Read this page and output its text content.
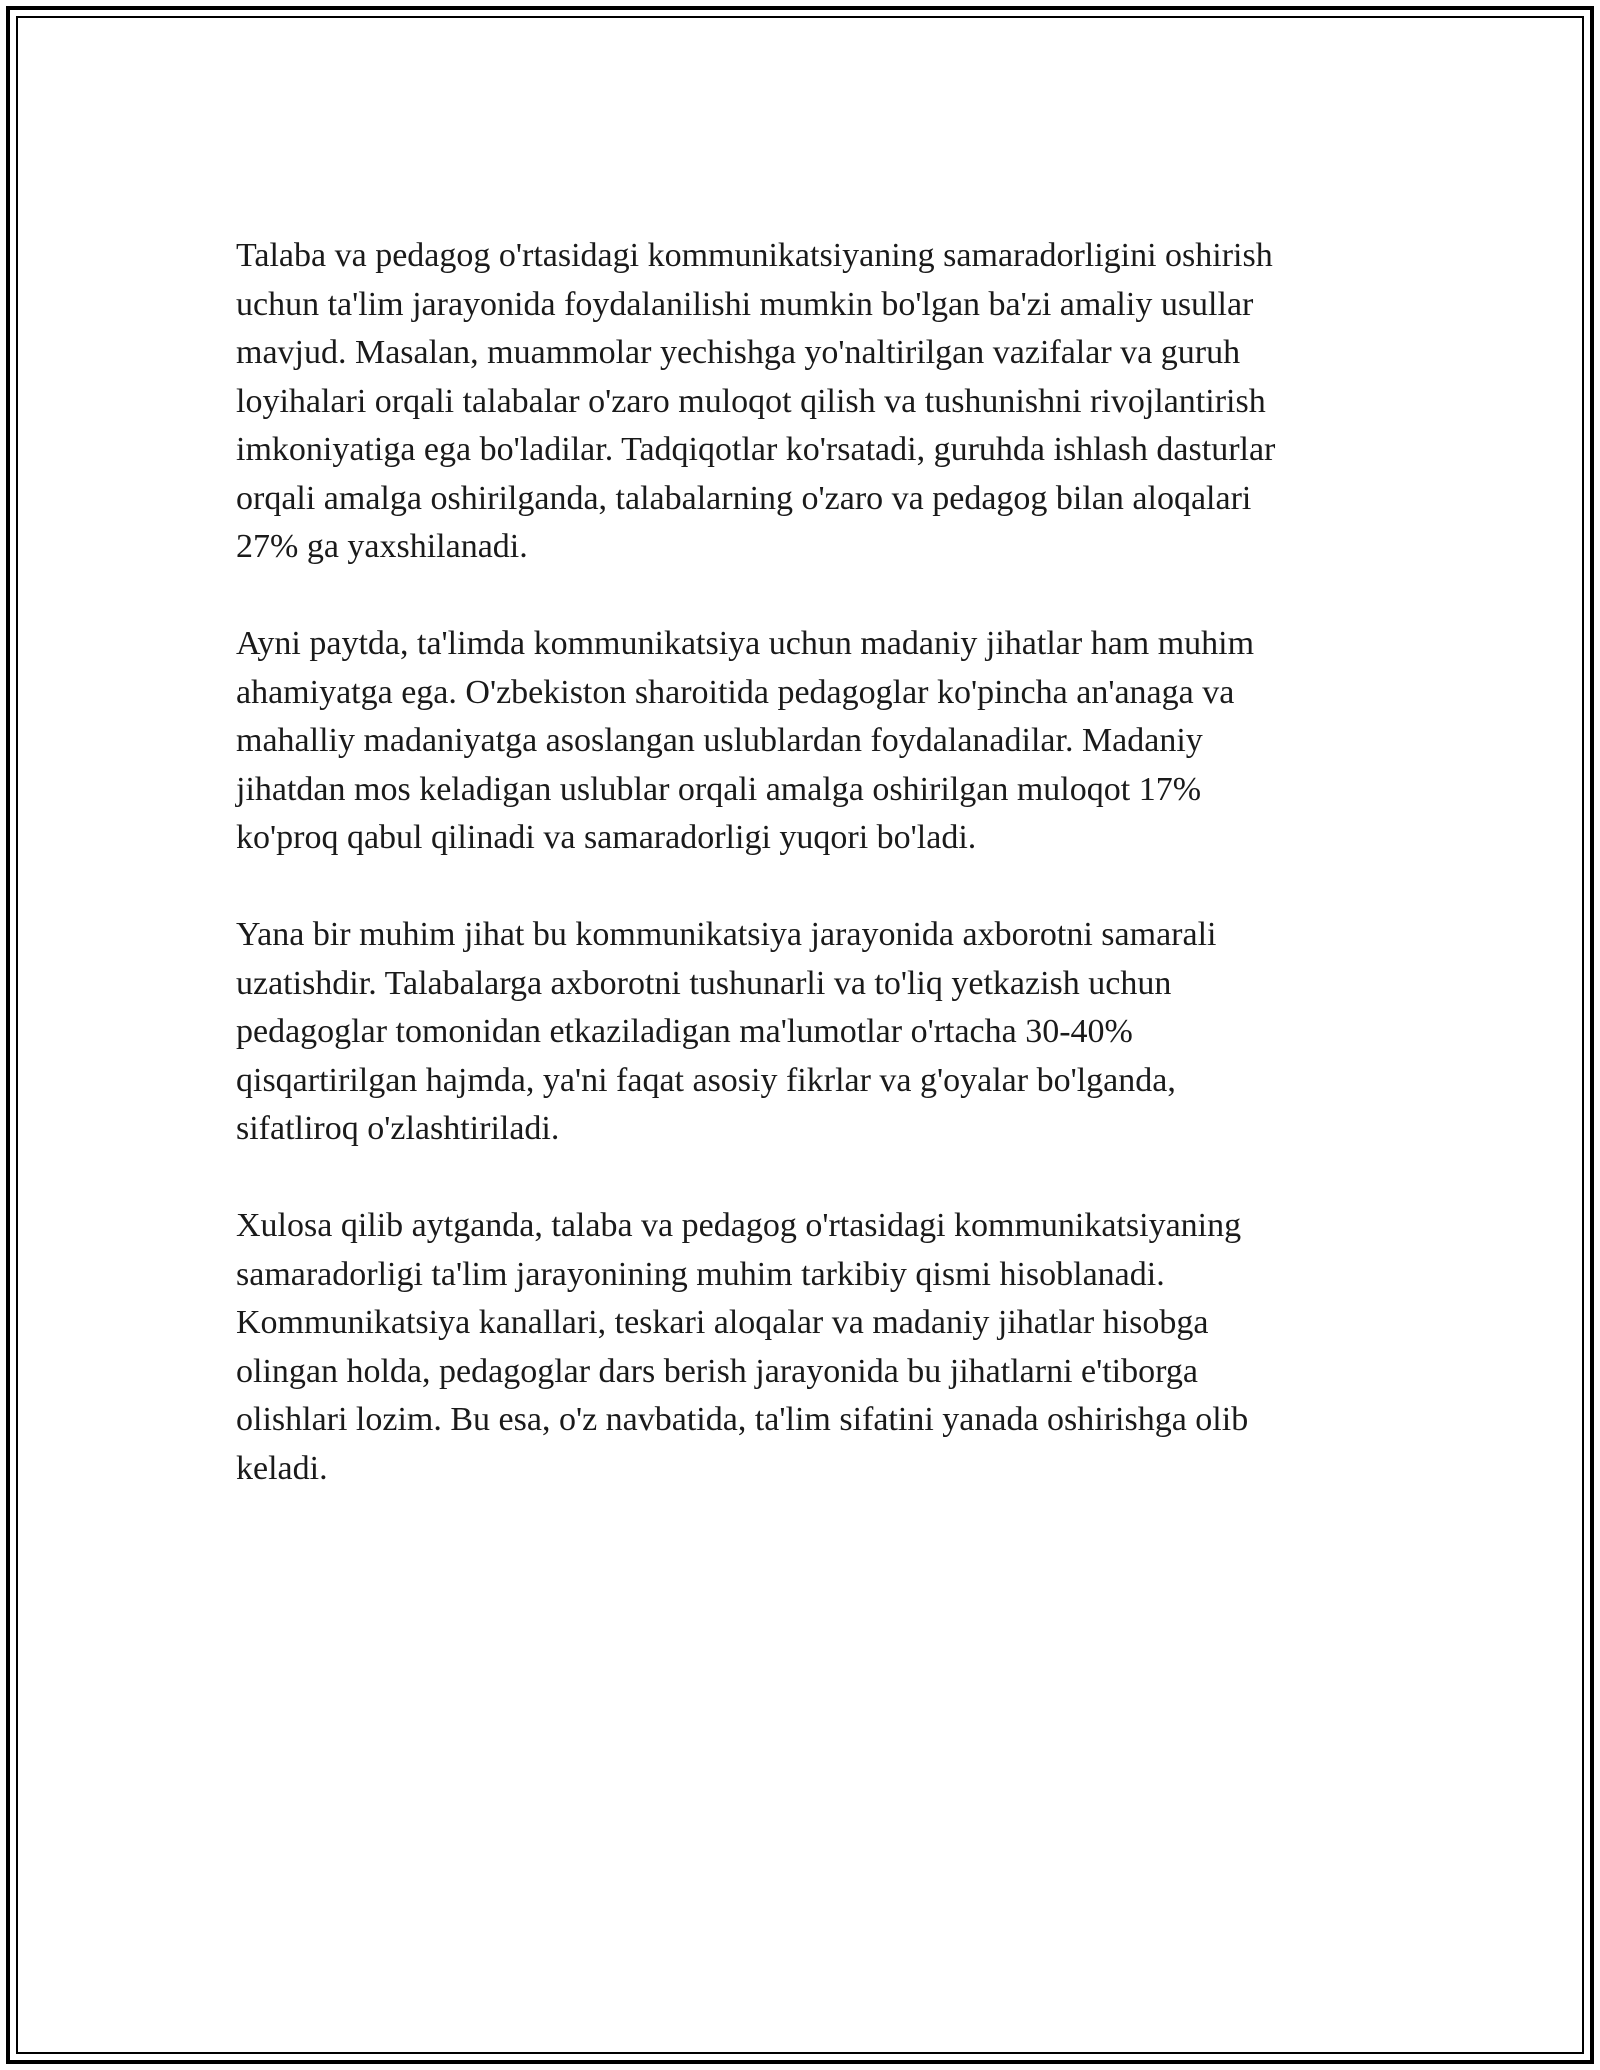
Talaba va pedagog o'rtasidagi kommunikatsiyaning samaradorligini oshirish
uchun ta'lim jarayonida foydalanilishi mumkin bo'lgan ba'zi amaliy usullar
mavjud. Masalan, muammolar yechishga yo'naltirilgan vazifalar va guruh
loyihalari orqali talabalar o'zaro muloqot qilish va tushunishni rivojlantirish
imkoniyatiga ega bo'ladilar. Tadqiqotlar ko'rsatadi, guruhda ishlash dasturlar
orqali amalga oshirilganda, talabalarning o'zaro va pedagog bilan aloqalari
27% ga yaxshilanadi.

Ayni paytda, ta'limda kommunikatsiya uchun madaniy jihatlar ham muhim
ahamiyatga ega. O'zbekiston sharoitida pedagoglar ko'pincha an'anaga va
mahalliy madaniyatga asoslangan uslublardan foydalanadilar. Madaniy
jihatdan mos keladigan uslublar orqali amalga oshirilgan muloqot 17%
ko'proq qabul qilinadi va samaradorligi yuqori bo'ladi.

Yana bir muhim jihat bu kommunikatsiya jarayonida axborotni samarali
uzatishdir. Talabalarga axborotni tushunarli va to'liq yetkazish uchun
pedagoglar tomonidan etkaziladigan ma'lumotlar o'rtacha 30-40%
qisqartirilgan hajmda, ya'ni faqat asosiy fikrlar va g'oyalar bo'lganda,
sifatliroq o'zlashtiriladi.

Xulosa qilib aytganda, talaba va pedagog o'rtasidagi kommunikatsiyaning
samaradorligi ta'lim jarayonining muhim tarkibiy qismi hisoblanadi.
Kommunikatsiya kanallari, teskari aloqalar va madaniy jihatlar hisobga
olingan holda, pedagoglar dars berish jarayonida bu jihatlarni e'tiborga
olishlari lozim. Bu esa, o'z navbatida, ta'lim sifatini yanada oshirishga olib
keladi.
